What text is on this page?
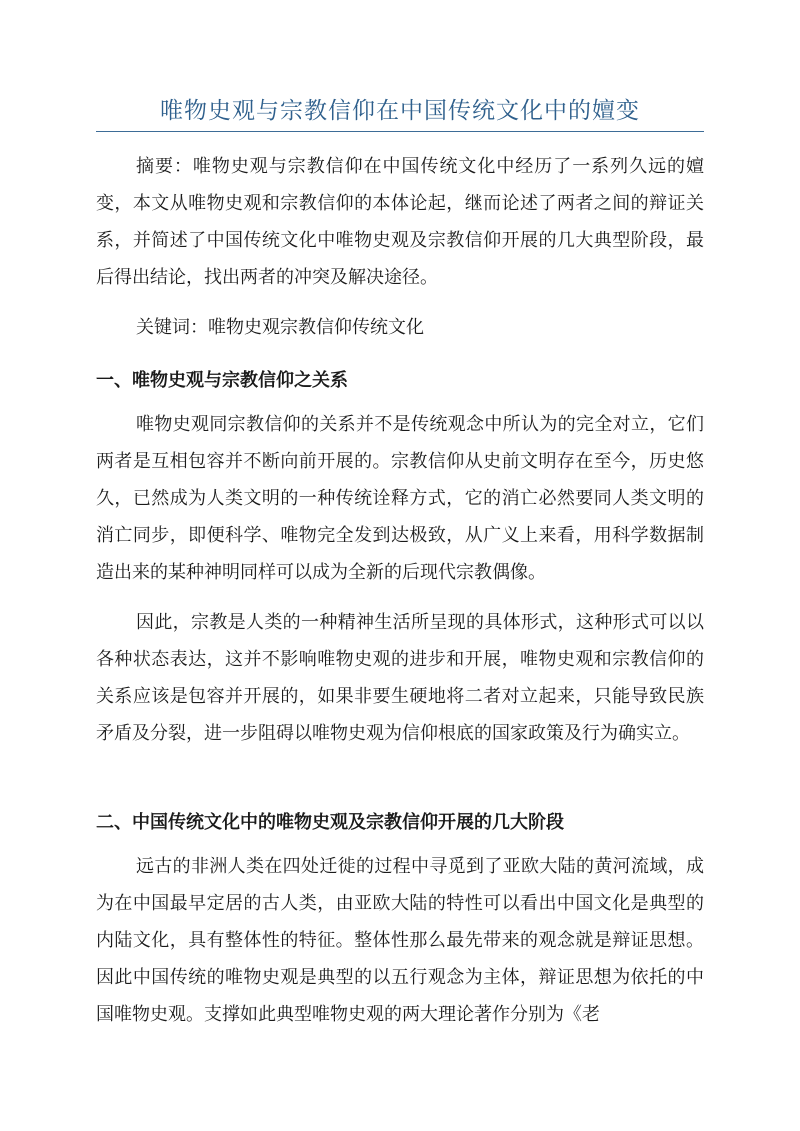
唯物史观与宗教信仰在中国传统文化中的嬗变

摘要：唯物史观与宗教信仰在中国传统文化中经历了一系列久远的嬗变，本文从唯物史观和宗教信仰的本体论起，继而论述了两者之间的辩证关系，并简述了中国传统文化中唯物史观及宗教信仰开展的几大典型阶段，最后得出结论，找出两者的冲突及解决途径。

关键词：唯物史观宗教信仰传统文化

一、唯物史观与宗教信仰之关系

唯物史观同宗教信仰的关系并不是传统观念中所认为的完全对立，它们两者是互相包容并不断向前开展的。宗教信仰从史前文明存在至今，历史悠久，已然成为人类文明的一种传统诠释方式，它的消亡必然要同人类文明的消亡同步，即便科学、唯物完全发到达极致，从广义上来看，用科学数据制造出来的某种神明同样可以成为全新的后现代宗教偶像。

因此，宗教是人类的一种精神生活所呈现的具体形式，这种形式可以以各种状态表达，这并不影响唯物史观的进步和开展，唯物史观和宗教信仰的关系应该是包容并开展的，如果非要生硬地将二者对立起来，只能导致民族矛盾及分裂，进一步阻碍以唯物史观为信仰根底的国家政策及行为确实立。

二、中国传统文化中的唯物史观及宗教信仰开展的几大阶段

远古的非洲人类在四处迁徙的过程中寻觅到了亚欧大陆的黄河流域，成为在中国最早定居的古人类，由亚欧大陆的特性可以看出中国文化是典型的内陆文化，具有整体性的特征。整体性那么最先带来的观念就是辩证思想。因此中国传统的唯物史观是典型的以五行观念为主体，辩证思想为依托的中国唯物史观。支撑如此典型唯物史观的两大理论著作分别为《老
